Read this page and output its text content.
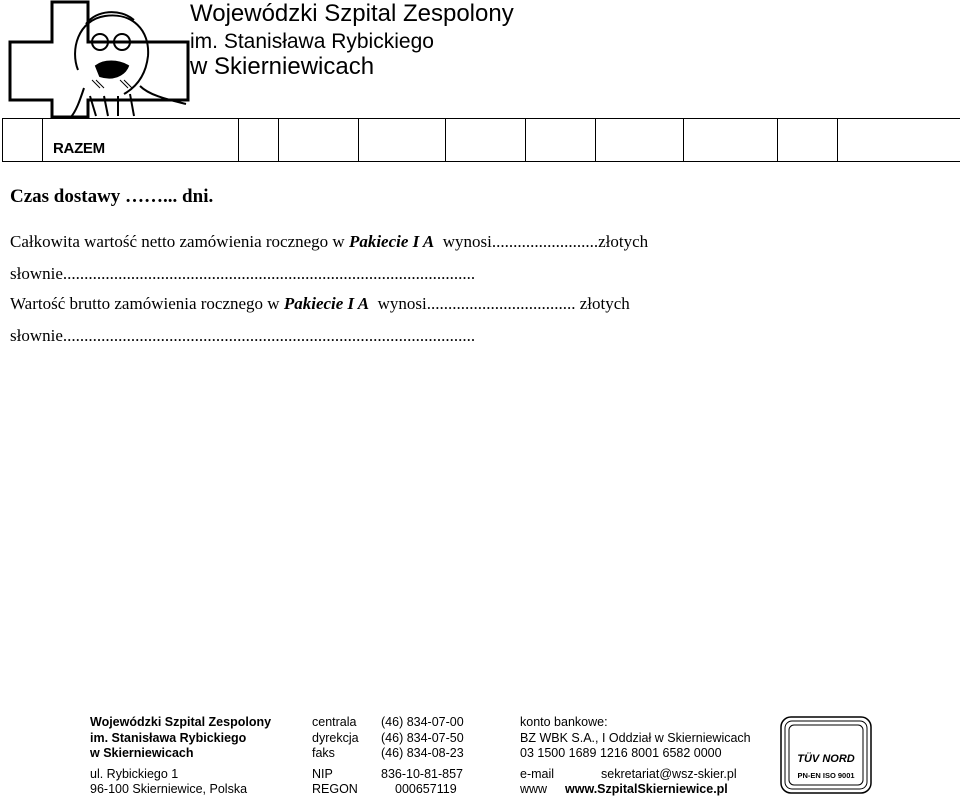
Wojewódzki Szpital Zespolony
im. Stanisława Rybickiego
w Skierniewicach
	RAZEM									
Czas dostawy ……... dni.
Całkowita wartość netto zamówienia rocznego w Pakiecie I A  wynosi.........................złotych
słownie.................................................................................................
Wartość brutto zamówienia rocznego w Pakiecie I A  wynosi................................... złotych
słownie.................................................................................................
Wojewódzki Szpital Zespolony
im. Stanisława Rybickiego
w Skierniewicach
ul. Rybickiego 1
96-100 Skierniewice, Polska
centrala (46) 834-07-00
dyrekcja (46) 834-07-50
faks	(46) 834-08-23
NIP	836-10-81-857
REGON	000657119
konto bankowe:
BZ WBK S.A., I Oddział w Skierniewicach
03 1500 1689 1216 8001 6582 0000
e-mail	sekretariat@wsz-skier.pl
www www.SzpitalSkierniewice.pl
TÜV NORD
PN-EN ISO 9001
